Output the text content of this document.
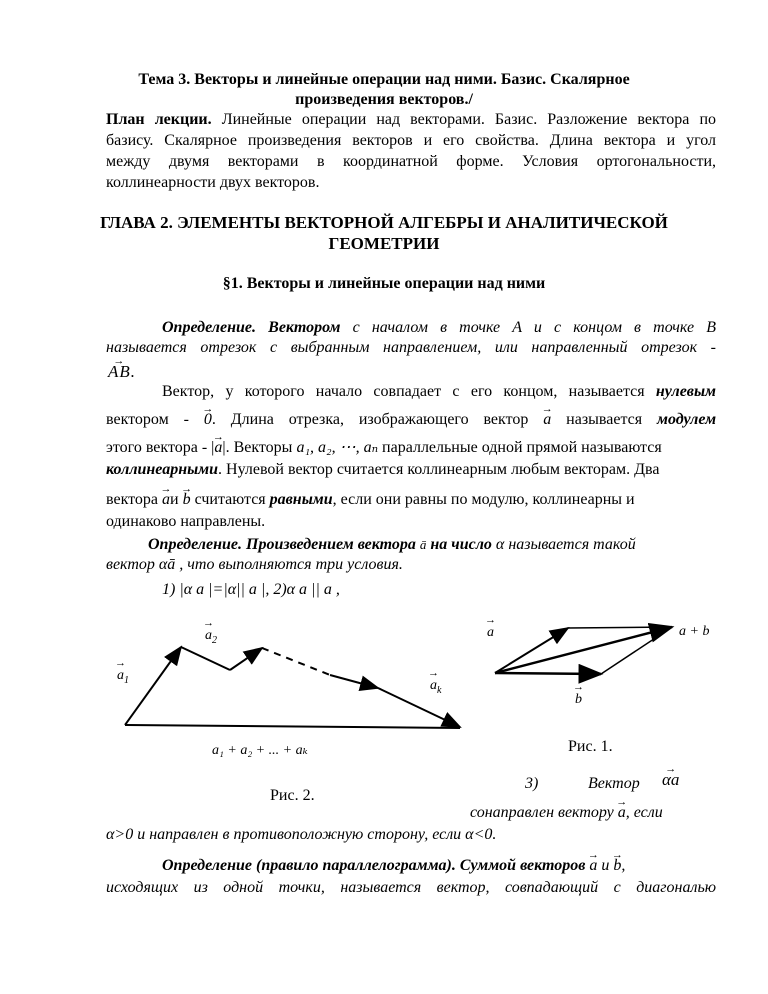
Тема 3. Векторы и линейные операции над ними. Базис. Скалярное
произведения векторов./
План лекции. Линейные операции над векторами. Базис. Разложение вектора по
базису. Скалярное произведения векторов и его свойства. Длина вектора и угол
между двумя векторами в координатной форме. Условия ортогональности,
коллинеарности двух векторов.
ГЛАВА 2. ЭЛЕМЕНТЫ ВЕКТОРНОЙ АЛГЕБРЫ И АНАЛИТИЧЕСКОЙ
ГЕОМЕТРИИ
§1. Векторы и линейные операции над ними
Определение. Вектором с началом в точке A и с концом в точке B
называется отрезок с выбранным направлением, или направленный отрезок -
→ AB.
Вектор, у которого начало совпадает с его концом, называется нулевым
вектором - → 0. Длина отрезка, изображающего вектор → a называется модулем
этого вектора - |→ a|. Векторы a₁, a₂, ⋯, aₙ параллельные одной прямой называются
коллинеарными. Нулевой вектор считается коллинеарным любым векторам. Два
вектора → aи → b считаются равными, если они равны по модулю, коллинеарны и
одинаково направлены.
Определение. Произведением вектора ā на число α называется такой
вектор αā , что выполняются три условия.
1) |α a |=|α|| a |, 2)α a || a ,
→ $a_1$
→ $a_2$
→ $a_k$
a₁ + a₂ + ... + aₖ
Рис. 2.
→ a
→ b
a + b
Рис. 1.
3)	Вектор → αa
сонаправлен вектору → a, если
α>0 и направлен в противоположную сторону, если α<0.
Определение (правило параллелограмма). Суммой векторов → a и → b,
исходящих из одной точки, называется вектор, совпадающий с диагональю
